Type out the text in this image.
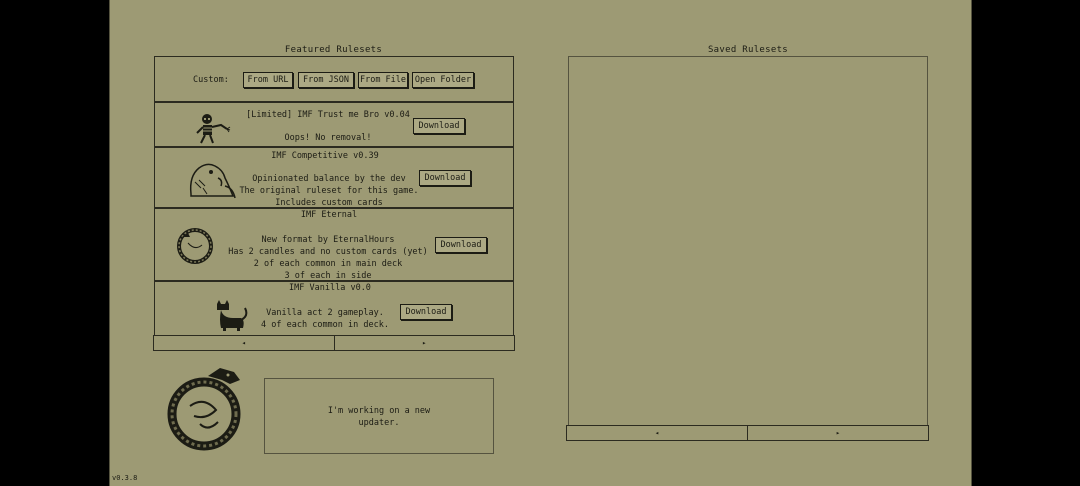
Featured Rulesets
Custom:	From URL	From JSON	From File	Open Folder
[Limited] IMF Trust me Bro v0.04
Oops! No removal!
Download
IMF Competitive v0.39
Opinionated balance by the dev
The original ruleset for this game.
Includes custom cards
Download
IMF Eternal
New format by EternalHours
Has 2 candles and no custom cards (yet)
2 of each common in main deck
3 of each in side
Download
IMF Vanilla v0.0
Vanilla act 2 gameplay.
4 of each common in deck.
Download
◂	▸
I'm working on a new
updater.
Saved Rulesets
◂	▸
v0.3.8
